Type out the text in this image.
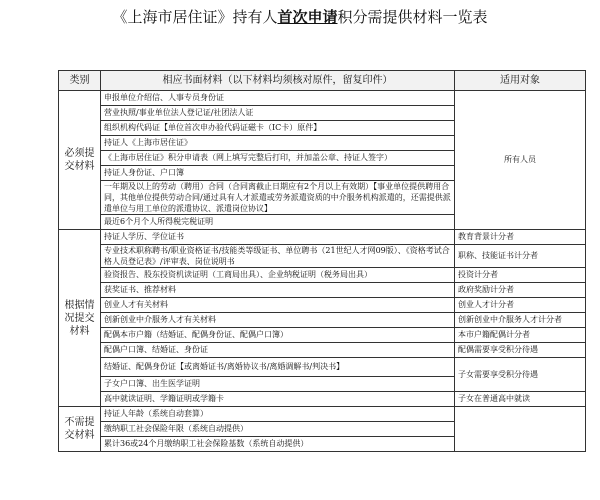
《上海市居住证》持有人首次申请积分需提供材料一览表
类别	相应书面材料（以下材料均须核对原件，留复印件）	适用对象
必须提交材料	申报单位介绍信、人事专员身份证	所有人员
	营业执照/事业单位法人登记证/社团法人证	
	组织机构代码证【单位首次申办验代码证磁卡（IC卡）原件】	
	持证人《上海市居住证》	
	《上海市居住证》积分申请表（网上填写完整后打印，并加盖公章、持证人签字）	
	持证人身份证、户口簿	
	一年期及以上的劳动（聘用）合同（合同离截止日期应有2个月以上有效期）【事业单位提供聘用合同，其他单位提供劳动合同/通过具有人才派遣或劳务派遣资质的中介服务机构派遣的，还需提供派遣单位与用工单位的派遣协议、派遣岗位协议】	
	最近6个月个人所得税完税证明	
根据情况提交材料	持证人学历、学位证书	教育背景计分者
	专业技术职称聘书/职业资格证书/技能类等级证书、单位聘书（21世纪人才网09版）、《资格考试合格人员登记表》/评审表、岗位说明书	职称、技能证书计分者
	验资报告、股东投资机读证明（工商局出具）、企业纳税证明（税务局出具）	投资计分者
	获奖证书、推荐材料	政府奖励计分者
	创业人才有关材料	创业人才计分者
	创新创业中介服务人才有关材料	创新创业中介服务人才计分者
	配偶本市户籍（结婚证、配偶身份证、配偶户口簿）	本市户籍配偶计分者
	配偶户口簿、结婚证、身份证	配偶需要享受积分待遇
	结婚证、配偶身份证【或离婚证书/离婚协议书/离婚调解书/判决书】	子女需要享受积分待遇
	子女户口簿、出生医学证明	
	高中就读证明、学籍证明或学籍卡	子女在普通高中就读
不需提交材料	持证人年龄（系统自动套算）	
	缴纳职工社会保险年限（系统自动提供）	
	累计36或24个月缴纳职工社会保险基数（系统自动提供）	
